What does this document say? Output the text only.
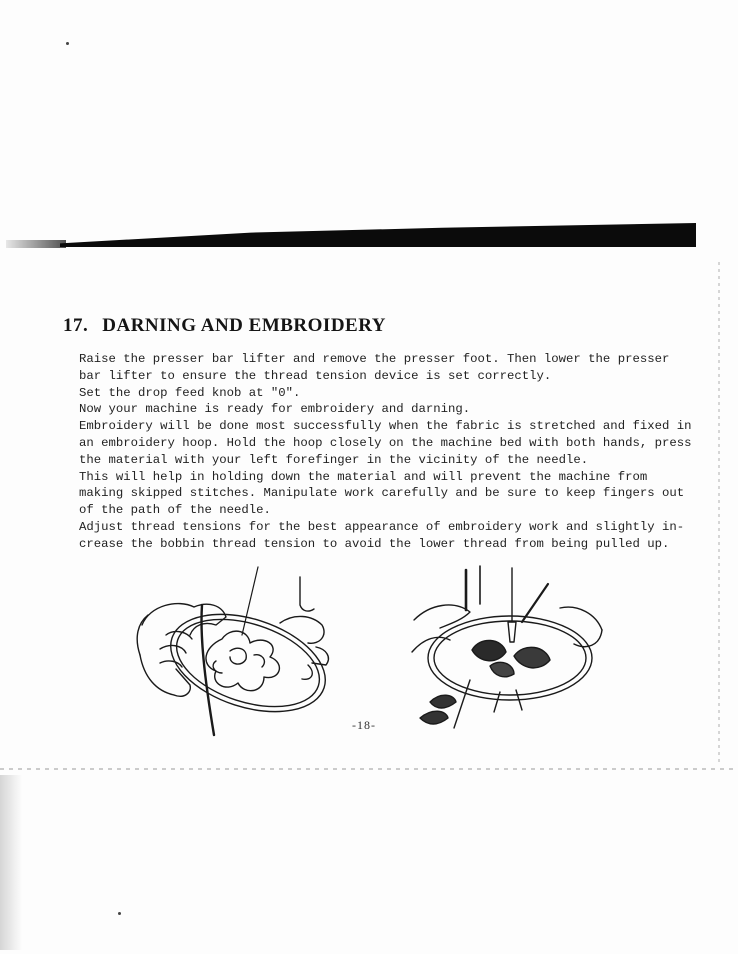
17. DARNING AND EMBROIDERY

Raise the presser bar lifter and remove the presser foot. Then lower the presser

bar lifter to ensure the thread tension device is set correctly.

Set the drop feed knob at "0".

Now your machine is ready for embroidery and darning.

Embroidery will be done most successfully when the fabric is stretched and fixed in

an embroidery hoop. Hold the hoop closely on the machine bed with both hands, press

the material with your left forefinger in the vicinity of the needle.

This will help in holding down the material and will prevent the machine from

making skipped stitches. Manipulate work carefully and be sure to keep fingers out

of the path of the needle.

Adjust thread tensions for the best appearance of embroidery work and slightly in-

crease the bobbin thread tension to avoid the lower thread from being pulled up.

-18-
